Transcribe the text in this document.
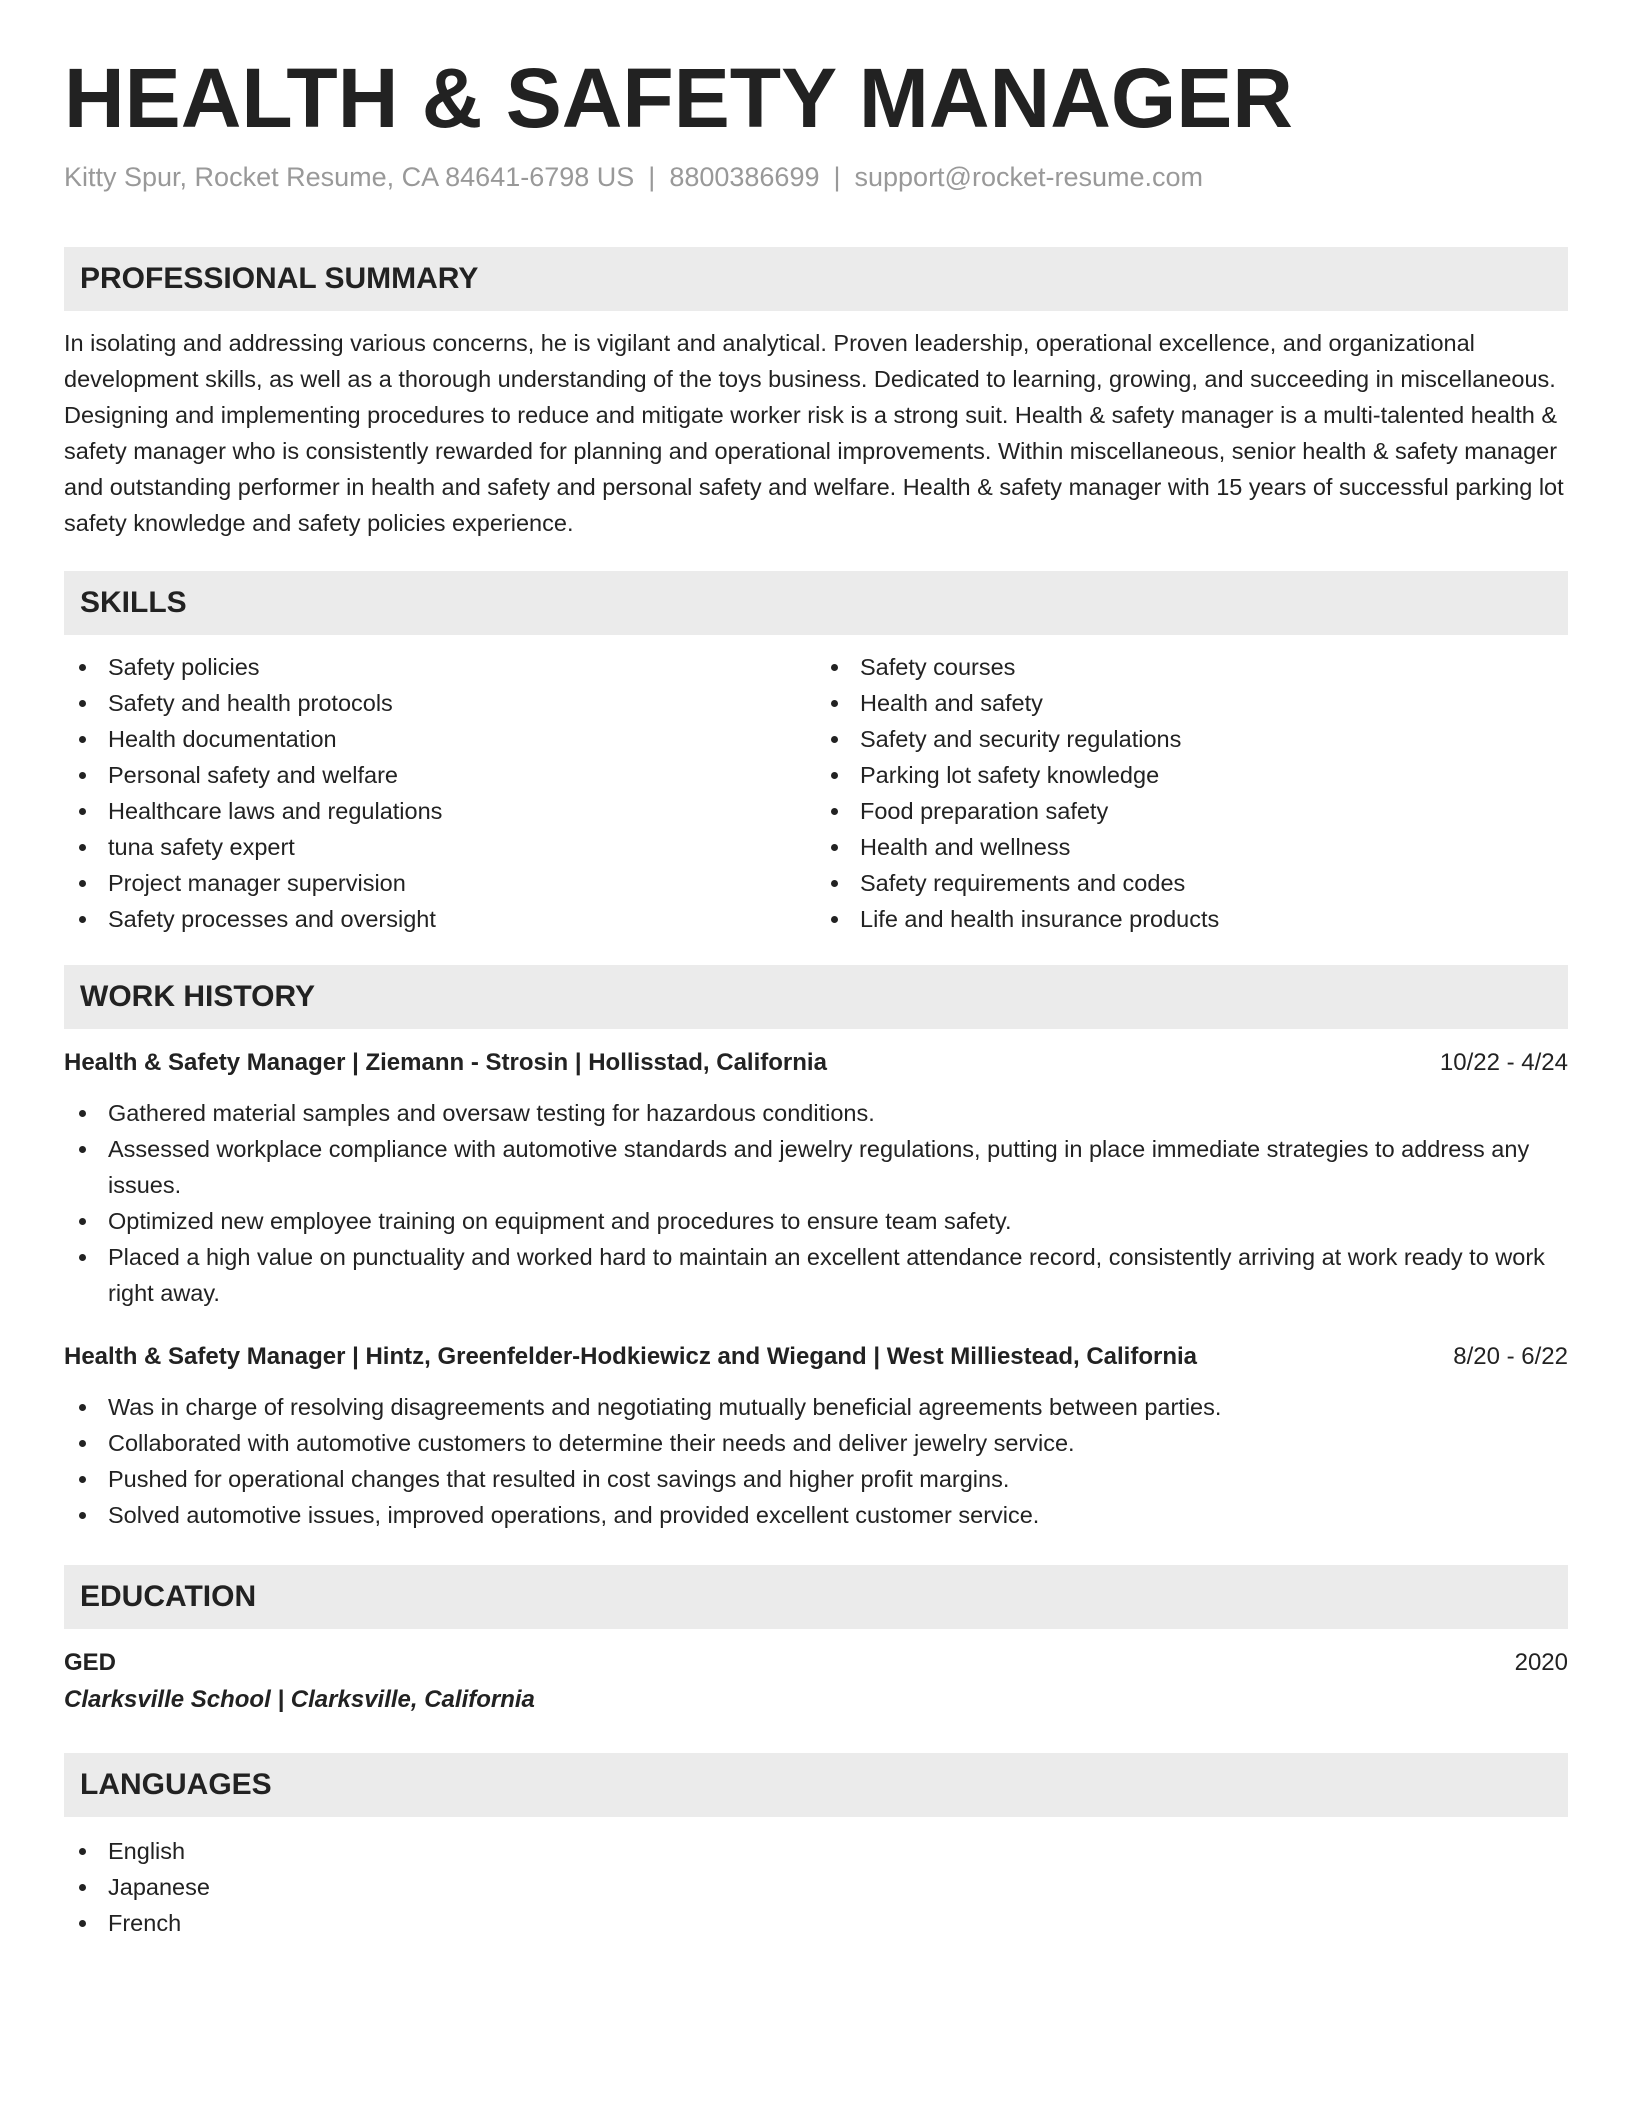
HEALTH & SAFETY MANAGER
Kitty Spur, Rocket Resume, CA 84641-6798 US | 8800386699 | support@rocket-resume.com
PROFESSIONAL SUMMARY

In isolating and addressing various concerns, he is vigilant and analytical. Proven leadership, operational excellence, and organizational development skills, as well as a thorough understanding of the toys business. Dedicated to learning, growing, and succeeding in miscellaneous. Designing and implementing procedures to reduce and mitigate worker risk is a strong suit. Health & safety manager is a multi-talented health & safety manager who is consistently rewarded for planning and operational improvements. Within miscellaneous, senior health & safety manager and outstanding performer in health and safety and personal safety and welfare. Health & safety manager with 15 years of successful parking lot safety knowledge and safety policies experience.

SKILLS
Safety policies
Safety and health protocols
Health documentation
Personal safety and welfare
Healthcare laws and regulations
tuna safety expert
Project manager supervision
Safety processes and oversight
Safety courses
Health and safety
Safety and security regulations
Parking lot safety knowledge
Food preparation safety
Health and wellness
Safety requirements and codes
Life and health insurance products
WORK HISTORY
Health & Safety Manager | Ziemann - Strosin | Hollisstad, California	10/22 - 4/24
Gathered material samples and oversaw testing for hazardous conditions.
Assessed workplace compliance with automotive standards and jewelry regulations, putting in place immediate strategies to address any issues.
Optimized new employee training on equipment and procedures to ensure team safety.
Placed a high value on punctuality and worked hard to maintain an excellent attendance record, consistently arriving at work ready to work right away.
Health & Safety Manager | Hintz, Greenfelder-Hodkiewicz and Wiegand | West Milliestead, California	8/20 - 6/22
Was in charge of resolving disagreements and negotiating mutually beneficial agreements between parties.
Collaborated with automotive customers to determine their needs and deliver jewelry service.
Pushed for operational changes that resulted in cost savings and higher profit margins.
Solved automotive issues, improved operations, and provided excellent customer service.
EDUCATION
GED	2020
Clarksville School | Clarksville, California
LANGUAGES
English
Japanese
French
